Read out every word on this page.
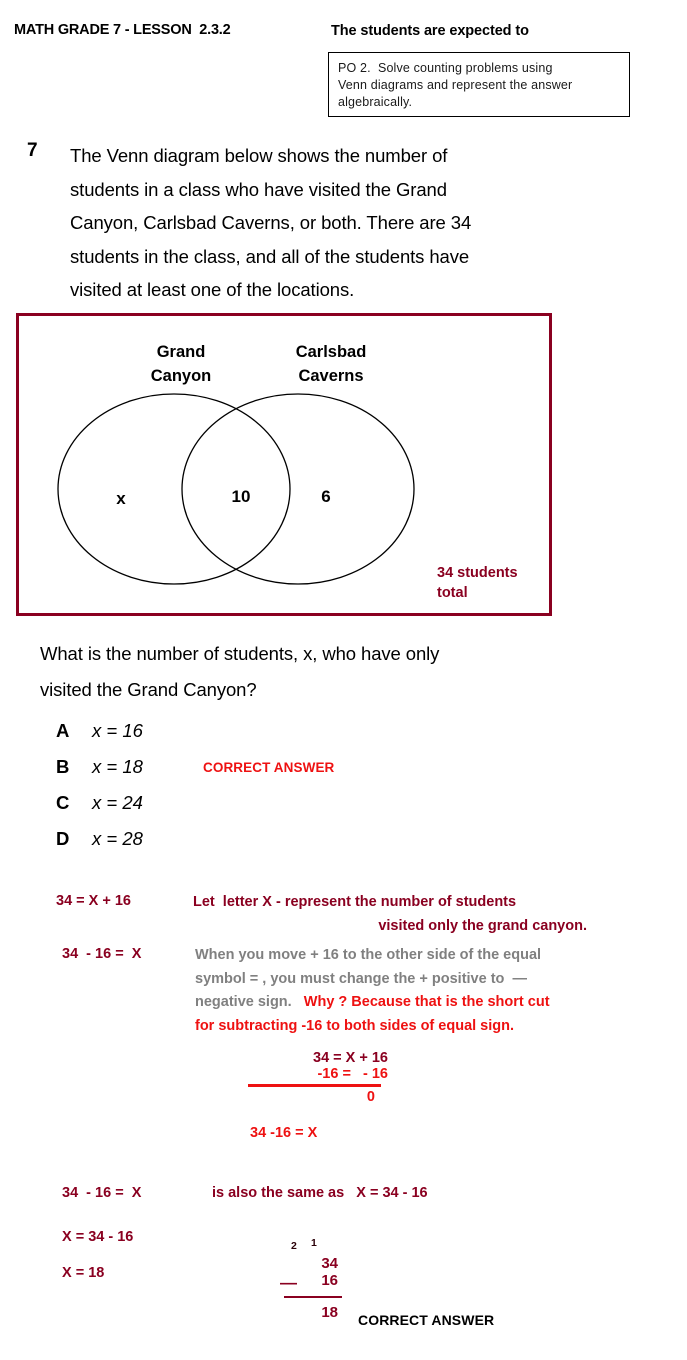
MATH GRADE 7 - LESSON  2.3.2	The students are expected to
PO 2.  Solve counting problems using
Venn diagrams and represent the answer
algebraically.
7 The Venn diagram below shows the number of
students in a class who have visited the Grand
Canyon, Carlsbad Caverns, or both. There are 34
students in the class, and all of the students have
visited at least one of the locations.
Grand
Canyon
Carlsbad
Caverns
x	10	6
34 students
total
What is the number of students, x, who have only
visited the Grand Canyon?
A x = 16
B x = 18
C x = 24
D x = 28
CORRECT ANSWER
34 = X + 16
34  - 16 =  X
Let  letter X - represent the number of students
visited only the grand canyon.
When you move + 16 to the other side of the equal
symbol = , you must change the + positive to  —
negative sign.   Why ? Because that is the short cut
for subtracting -16 to both sides of equal sign.
34 = X + 16
-16 =   - 16
0
34 -16 = X
34  - 16 =  X	is also the same as   X = 34 - 16
X = 34 - 16
X = 18
2 1
34
—	16
18	CORRECT ANSWER
